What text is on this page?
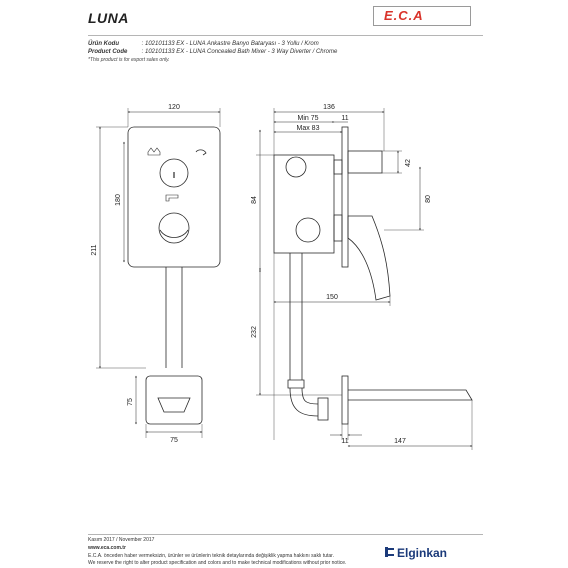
LUNA	E.C.A
Ürün Kodu	: 102101133 EX - LUNA Ankastre Banyo Bataryası - 3 Yollu / Krom
Product Code : 102101133 EX - LUNA Concealed Bath Mixer - 3 Way Diverter / Chrome
*This product is for export sales only.
120
211
180
75
75
136
Min 75	11
Max 83
42
80
84
150
232
11	147
Kasım 2017 / November 2017
www.eca.com.tr
E.C.A. önceden haber vermeksizin, ürünler ve ürünlerin teknik detaylarında değişiklik yapma hakkını saklı tutar.
We reserve the right to alter product specification and colors and to make technical modifications without prior notice.
Elginkan
